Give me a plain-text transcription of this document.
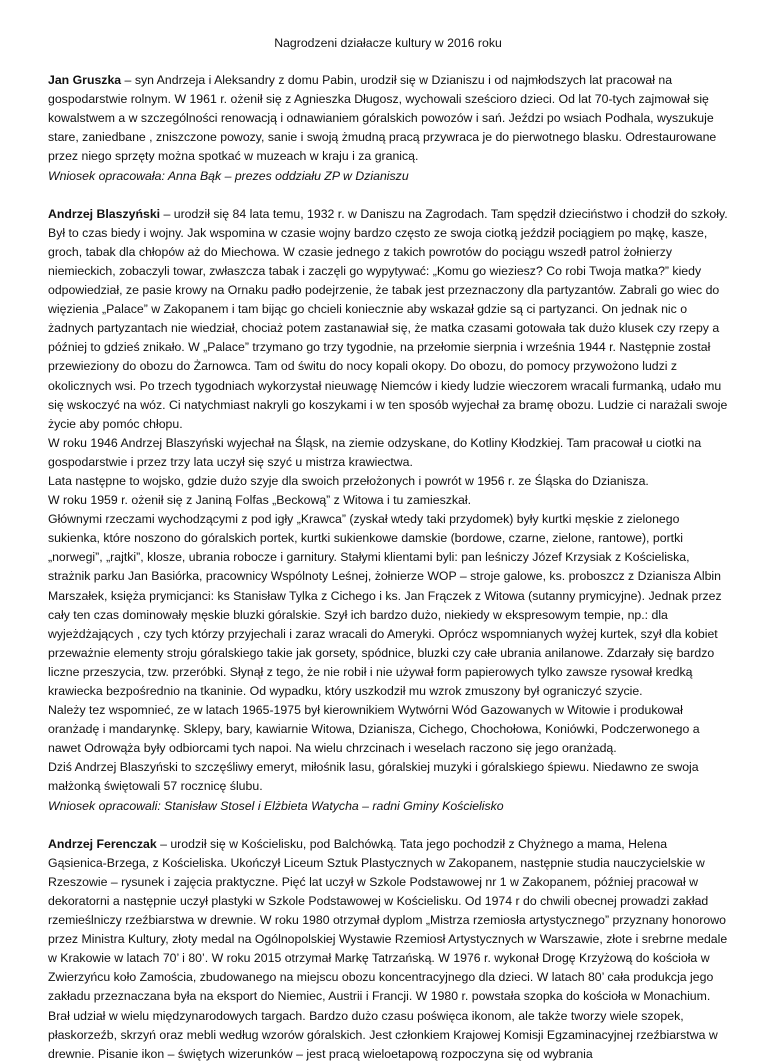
Nagrodzeni działacze kultury w 2016 roku

Jan Gruszka – syn Andrzeja i Aleksandry z domu Pabin, urodził się w Dzianiszu i od najmłodszych lat pracował na gospodarstwie rolnym. W 1961 r. ożenił się z Agnieszka Długosz, wychowali sześcioro dzieci. Od lat 70-tych zajmował się kowalstwem a w szczególności renowacją i odnawianiem góralskich powozów i sań. Jeździ po wsiach Podhala, wyszukuje stare, zaniedbane , zniszczone powozy, sanie i swoją żmudną pracą przywraca je do pierwotnego blasku. Odrestaurowane przez niego sprzęty można spotkać w muzeach w kraju i za granicą.

Wniosek opracowała: Anna Bąk – prezes oddziału ZP w Dzianiszu

Andrzej Blaszyński – urodził się 84 lata temu, 1932 r. w Daniszu na Zagrodach. Tam spędził dzieciństwo i chodził do szkoły. Był to czas biedy i wojny. Jak wspomina w czasie wojny bardzo często ze swoja ciotką jeździł pociągiem po mąkę, kasze, groch, tabak dla chłopów aż do Miechowa. W czasie jednego z takich powrotów do pociągu wszedł patrol żołnierzy niemieckich, zobaczyli towar, zwłaszcza tabak i zaczęli go wypytywać: „Komu go wieziesz? Co robi Twoja matka?” kiedy odpowiedział, ze pasie krowy na Ornaku padło podejrzenie, że tabak jest przeznaczony dla partyzantów. Zabrali go wiec do więzienia „Palace” w Zakopanem i tam bijąc go chcieli koniecznie aby wskazał gdzie są ci partyzanci. On jednak nic o żadnych partyzantach nie wiedział, chociaż potem zastanawiał się, że matka czasami gotowała tak dużo klusek czy rzepy a później to gdzieś znikało. W „Palace” trzymano go trzy tygodnie, na przełomie sierpnia i września 1944 r. Następnie został przewieziony do obozu do Żarnowca. Tam od świtu do nocy kopali okopy. Do obozu, do pomocy przywożono ludzi z okolicznych wsi. Po trzech tygodniach wykorzystał nieuwagę Niemców i kiedy ludzie wieczorem wracali furmanką, udało mu się wskoczyć na wóz. Ci natychmiast nakryli go koszykami i w ten sposób wyjechał za bramę obozu. Ludzie ci narażali swoje życie aby pomóc chłopu.

W roku 1946 Andrzej Blaszyński wyjechał na Śląsk, na ziemie odzyskane, do Kotliny Kłodzkiej. Tam pracował u ciotki na gospodarstwie i przez trzy lata uczył się szyć u mistrza krawiectwa.

Lata następne to wojsko, gdzie dużo szyje dla swoich przełożonych i powrót w 1956 r. ze Śląska do Dzianisza.

W roku 1959 r. ożenił się z Janiną Folfas „Beckową” z Witowa i tu zamieszkał.

Głównymi rzeczami wychodzącymi z pod igły „Krawca” (zyskał wtedy taki przydomek) były kurtki męskie z zielonego sukienka, które noszono do góralskich portek, kurtki sukienkowe damskie (bordowe, czarne, zielone, rantowe), portki „norwegi”, „rajtki”, klosze, ubrania robocze i garnitury. Stałymi klientami byli: pan leśniczy Józef Krzysiak z Kościeliska, strażnik parku Jan Basiórka, pracownicy Wspólnoty Leśnej, żołnierze WOP – stroje galowe, ks. proboszcz z Dzianisza Albin Marszałek, księża prymicjanci: ks Stanisław Tylka z Cichego i ks. Jan Frączek z Witowa (sutanny prymicyjne). Jednak przez cały ten czas dominowały męskie bluzki góralskie. Szył ich bardzo dużo, niekiedy w ekspresowym tempie, np.: dla wyjeżdżających , czy tych którzy przyjechali i zaraz wracali do Ameryki. Oprócz wspomnianych wyżej kurtek, szył dla kobiet przeważnie elementy stroju góralskiego takie jak gorsety, spódnice, bluzki czy całe ubrania anilanowe. Zdarzały się bardzo liczne przeszycia, tzw. przeróbki. Słynął z tego, że nie robił i nie używał form papierowych tylko zawsze rysował kredką krawiecka bezpośrednio na tkaninie. Od wypadku, który uszkodził mu wzrok zmuszony był ograniczyć szycie.

Należy tez wspomnieć, ze w latach 1965-1975 był kierownikiem Wytwórni Wód Gazowanych w Witowie i produkował oranżadę i mandarynkę. Sklepy, bary, kawiarnie Witowa, Dzianisza, Cichego, Chochołowa, Koniówki, Podczerwonego a nawet Odrowąża były odbiorcami tych napoi. Na wielu chrzcinach i weselach raczono się jego oranżadą.

Dziś Andrzej Blaszyński to szczęśliwy emeryt, miłośnik lasu, góralskiej muzyki i góralskiego śpiewu. Niedawno ze swoja małżonką świętowali 57 rocznicę ślubu.

Wniosek opracowali: Stanisław Stosel i Elżbieta Watycha – radni Gminy Kościelisko

Andrzej Ferenczak – urodził się w Kościelisku, pod Balchówką. Tata jego pochodził z Chyżnego a mama, Helena Gąsienica-Brzega, z Kościeliska. Ukończył Liceum Sztuk Plastycznych w Zakopanem, następnie studia nauczycielskie w Rzeszowie – rysunek i zajęcia praktyczne. Pięć lat uczył w Szkole Podstawowej nr 1 w Zakopanem, później pracował w dekoratorni a następnie uczył plastyki w Szkole Podstawowej w Kościelisku. Od 1974 r do chwili obecnej prowadzi zakład rzemieślniczy rzeźbiarstwa w drewnie. W roku 1980 otrzymał dyplom „Mistrza rzemiosła artystycznego” przyznany honorowo przez Ministra Kultury, złoty medal na Ogólnopolskiej Wystawie Rzemiosł Artystycznych w Warszawie, złote i srebrne medale w Krakowie w latach 70’ i 80’. W roku 2015 otrzymał Markę Tatrzańską. W 1976 r. wykonał Drogę Krzyżową do kościoła w Zwierzyńcu koło Zamościa, zbudowanego na miejscu obozu koncentracyjnego dla dzieci. W latach 80’ cała produkcja jego zakładu przeznaczana była na eksport do Niemiec, Austrii i Francji. W 1980 r. powstała szopka do kościoła w Monachium. Brał udział w wielu międzynarodowych targach. Bardzo dużo czasu poświęca ikonom, ale także tworzy wiele szopek, płaskorzeźb, skrzyń oraz mebli według wzorów góralskich. Jest członkiem Krajowej Komisji Egzaminacyjnej rzeźbiarstwa w drewnie. Pisanie ikon – świętych wizerunków – jest pracą wieloetapową rozpoczyna się od wybrania
